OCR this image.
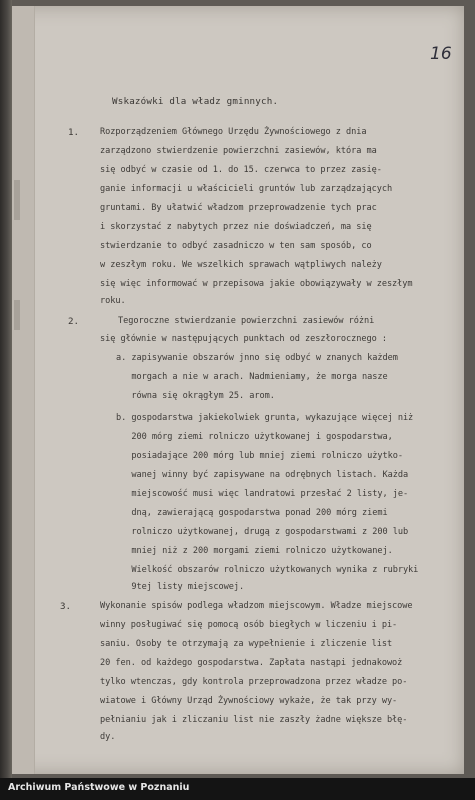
16
Wskazówki dla władz gminnych.
1. Rozporządzeniem Głównego Urzędu Żywnościowego z dnia
zarządzono stwierdzenie powierzchni zasiewów, która ma
się odbyć w czasie od 1. do 15. czerwca to przez zasię-
ganie informacji u właścicieli gruntów lub zarządzających
gruntami. By ułatwić władzom przeprowadzenie tych prac
i skorzystać z nabytych przez nie doświadczeń, ma się
stwierdzanie to odbyć zasadniczo w ten sam sposób, co
w zeszłym roku. We wszelkich sprawach wątpliwych należy
się więc informować w przepisowa jakie obowiązywały w zeszłym
roku.
2.	Tegoroczne stwierdzanie powierzchni zasiewów różni
się głównie w następujących punktach od zeszłorocznego :
a. zapisywanie obszarów jnno się odbyć w znanych każdem
morgach a nie w arach. Nadmieniamy, że morga nasze
równa się okrągłym 25. arom.
b. gospodarstwa jakiekolwiek grunta, wykazujące więcej niż
200 mórg ziemi rolniczo użytkowanej i gospodarstwa,
posiadające 200 mórg lub mniej ziemi rolniczo użytko-
wanej winny być zapisywane na odrębnych listach. Każda
miejscowość musi więc landratowi przesłać 2 listy, je-
dną, zawierającą gospodarstwa ponad 200 mórg ziemi
rolniczo użytkowanej, drugą z gospodarstwami z 200 lub
mniej niż z 200 morgami ziemi rolniczo użytkowanej.
Wielkość obszarów rolniczo użytkowanych wynika z rubryki
9tej listy miejscowej.
3.	Wykonanie spisów podlega władzom miejscowym. Władze miejscowe
winny posługiwać się pomocą osób biegłych w liczeniu i pi-
saniu. Osoby te otrzymają za wypełnienie i zliczenie list
20 fen. od każdego gospodarstwa. Zapłata nastąpi jednakowoż
tylko wtenczas, gdy kontrola przeprowadzona przez władze po-
wiatowe i Główny Urząd Żywnościowy wykaże, że tak przy wy-
pełnianiu jak i zliczaniu list nie zaszły żadne większe błę-
dy.
Archiwum Państwowe w Poznaniu
